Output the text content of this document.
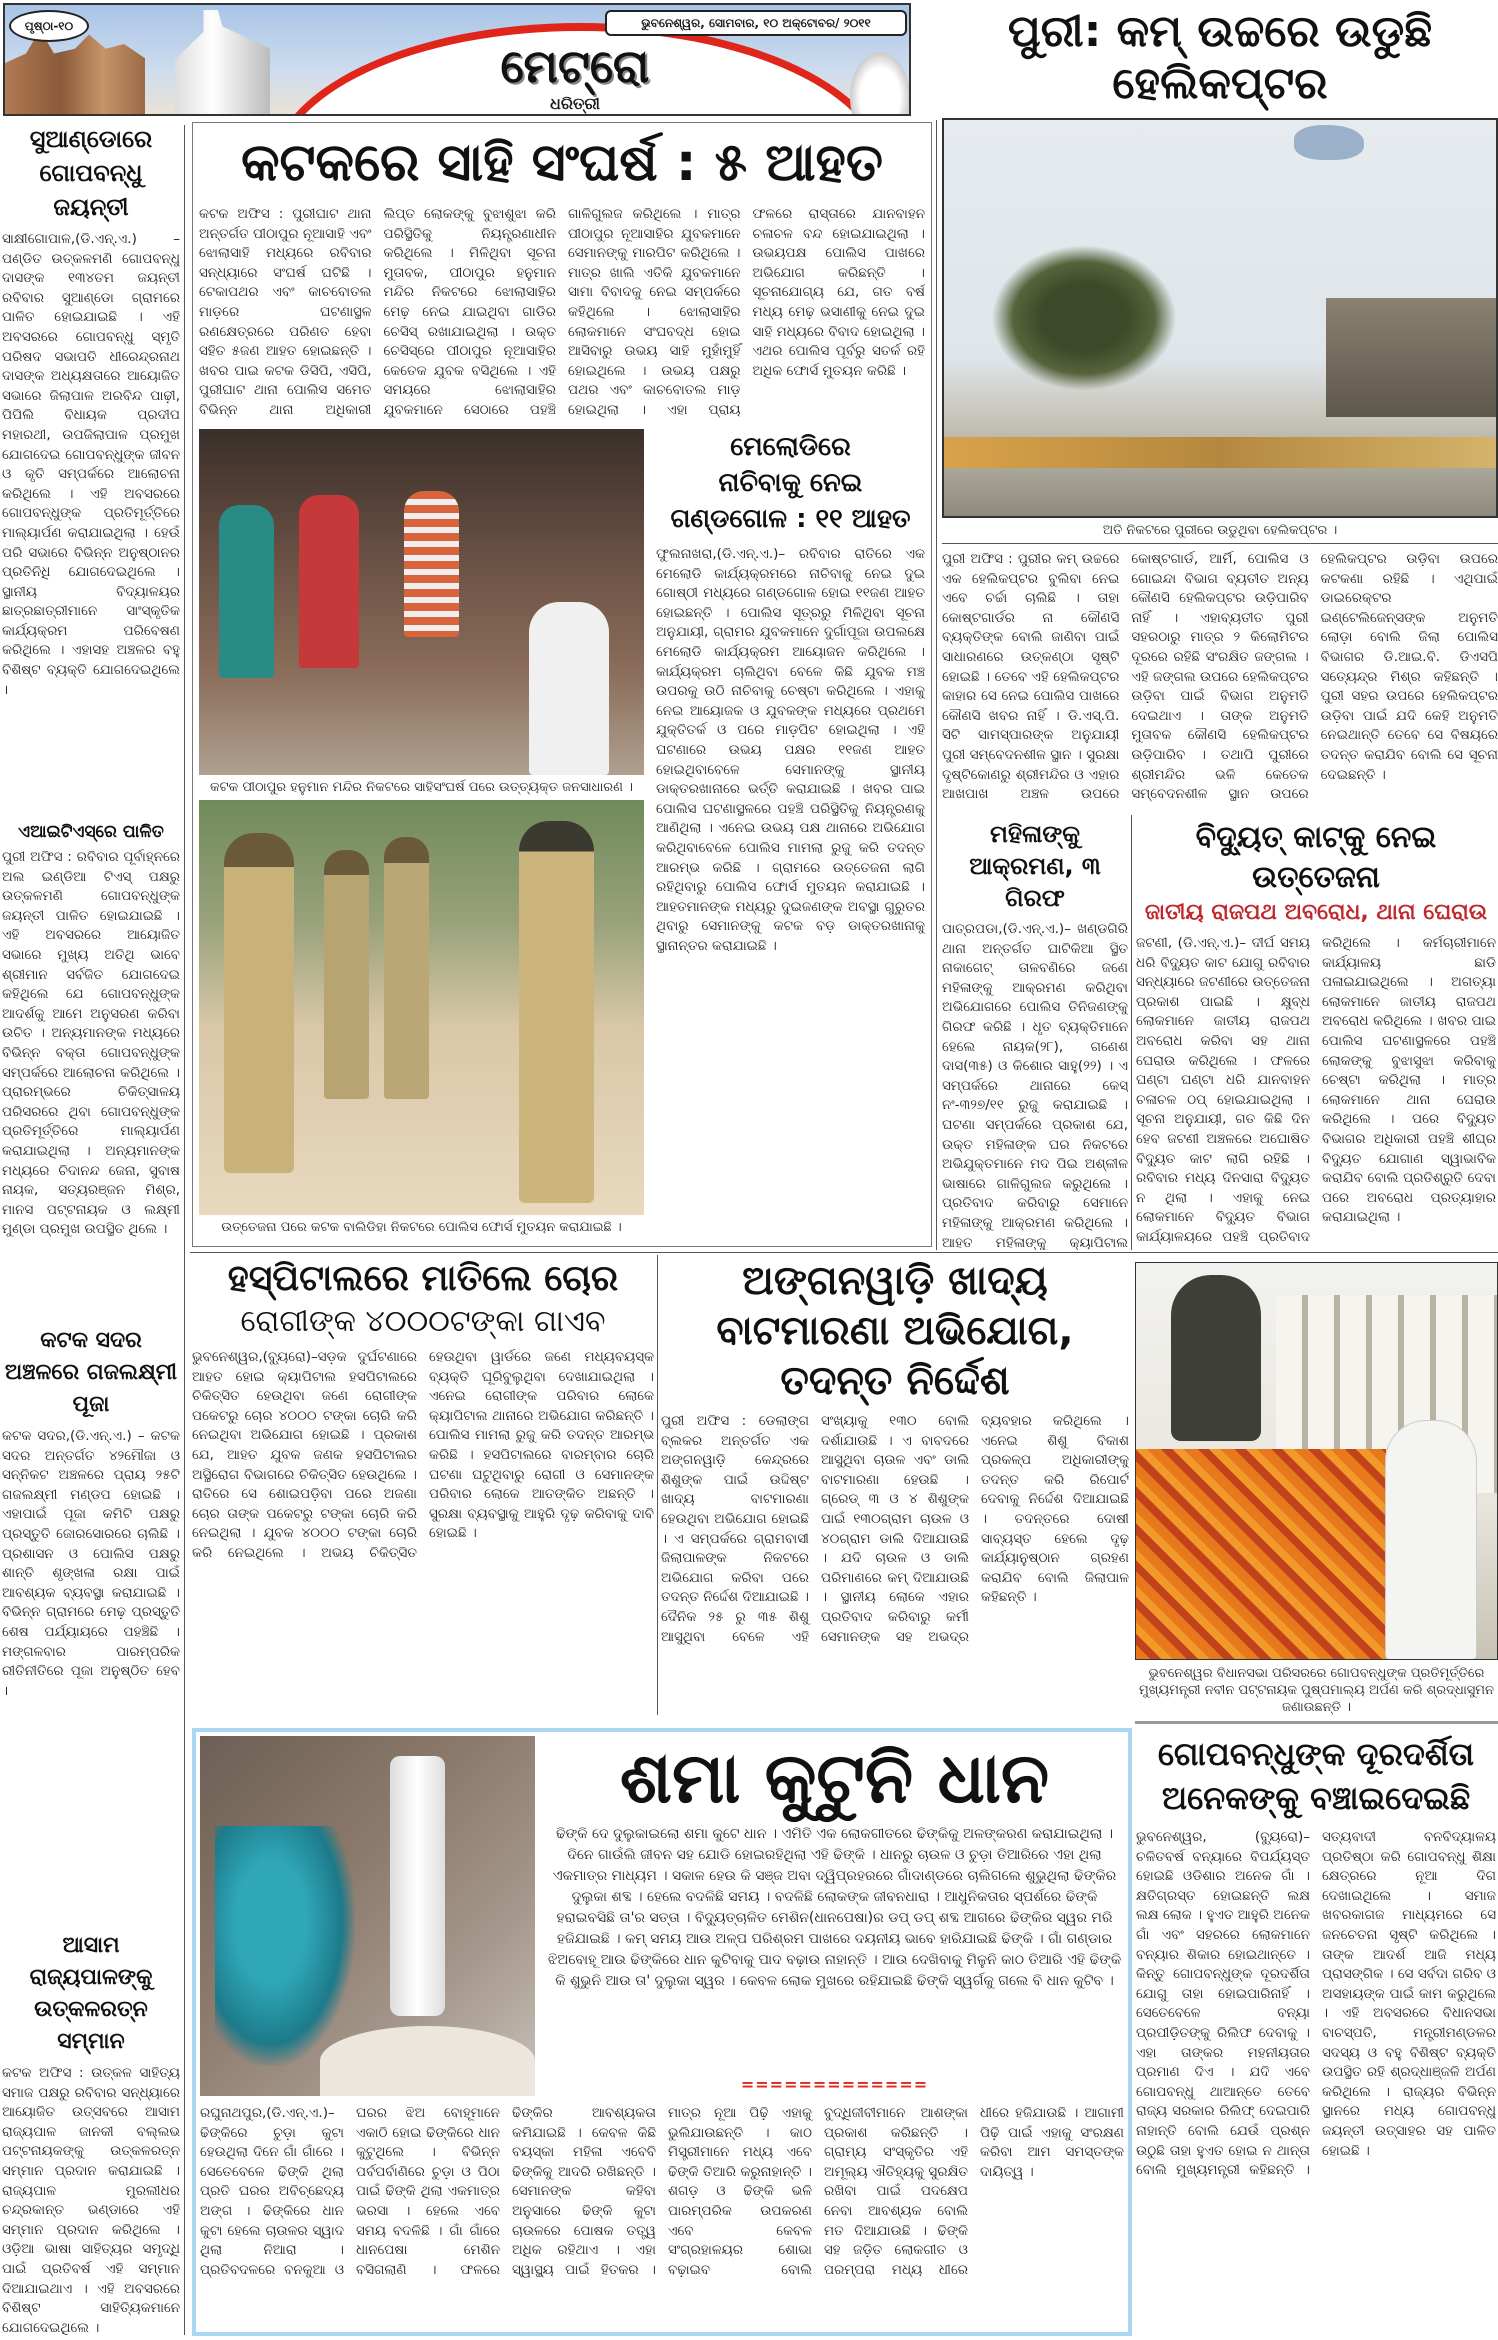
ପୃଷ୍ଠା-୧୦	ଭୁବନେଶ୍ୱର, ସୋମବାର, ୧୦ ଅକ୍ଟୋବର/ ୨୦୧୧
ମେଟ୍ରୋ
ଧରିତ୍ରୀ
ପୁରୀ: କମ୍ ଉଚ୍ଚରେ ଉଡୁଛି ହେଲିକପ୍ଟର
ଅତି ନିକଟରେ ପୁରୀରେ ଉଡୁଥିବା ହେଲିକପ୍ଟର ।
ପୁରୀ ଅଫିସ : ପୁରୀର କମ୍ ଉଚ୍ଚରେ ଏକ ହେଲିକପ୍ଟର ବୁଲିବା ନେଇ ଏବେ ଚର୍ଚ୍ଚା ଚାଲିଛି । ତାହା କୋଷ୍ଟଗାର୍ଡର ନା କୌଣସି ବ୍ୟକ୍ତିଙ୍କ ବୋଲି ଜାଣିବା ପାଇଁ ସାଧାରଣରେ ଉତ୍କଣ୍ଠା ସୃଷ୍ଟି ହୋଇଛି । ତେବେ ଏହି ହେଲିକପ୍ଟର କାହାର ସେ ନେଇ ପୋଲିସ ପାଖରେ କୌଣସି ଖବର ନାହିଁ । ଡି.ଏସ୍.ପି. ସିଟି ସାମସ୍ପାରଙ୍କ ଅନୁଯାୟୀ ପୁରୀ ସମ୍ବେଦନଶୀଳ ସ୍ଥାନ । ସୁରକ୍ଷା ଦୃଷ୍ଟିକୋଣରୁ ଶ୍ରୀମନ୍ଦିର ଓ ଏହାର ଆଖପାଖ ଅଞ୍ଚଳ ଉପରେ କୋଷ୍ଟଗାର୍ଡ, ଆର୍ମି, ପୋଲିସ ଓ ଗୋଇନ୍ଦା ବିଭାଗ ବ୍ୟତୀତ ଅନ୍ୟ କୌଣସି ହେଲିକପ୍ଟର ଉଡ଼ିପାରିବ ନାହିଁ । ଏହାବ୍ୟତୀତ ପୁରୀ ସହରଠାରୁ ମାତ୍ର ୨ କିଲୋମିଟର ଦୂରରେ ରହିଛି ସଂରକ୍ଷିତ ଜଙ୍ଗଲ । ଏହି ଜଙ୍ଗଲ ଉପରେ ହେଲିକପ୍ଟର ଉଡ଼ିବା ପାଇଁ ବିଭାଗ ଅନୁମତି ଦେଇଥାଏ । ତାଙ୍କ ଅନୁମତି ମୁତାବକ କୌଣସି ହେଲିକପ୍ଟର ଉଡ଼ିପାରିବ । ତଥାପି ପୁରୀରେ ଶ୍ରୀମନ୍ଦିର ଭଳି କେତେକ ସମ୍ବେଦନଶୀଳ ସ୍ଥାନ ଉପରେ ହେଲିକପ୍ଟର ଉଡ଼ିବା ଉପରେ କଟକଣା ରହିଛି । ଏଥିପାଇଁ ଡାଇରେକ୍ଟର ଇଣ୍ଟେଲିଜେନ୍ସଙ୍କ ଅନୁମତି ଲୋଡ଼ା ବୋଲି ଜିଲା ପୋଲିସ ବିଭାଗର ଡି.ଆଇ.ବି. ଡିଏସପି ସତ୍ୟେନ୍ଦ୍ର ମିଶ୍ର କହିଛନ୍ତି । ପୁରୀ ସହର ଉପରେ ହେଲିକପ୍ଟର ଉଡ଼ିବା ପାଇଁ ଯଦି କେହି ଅନୁମତି ନେଇଥାନ୍ତି ତେବେ ସେ ବିଷୟରେ ତଦନ୍ତ କରାଯିବ ବୋଲି ସେ ସୂଚନା ଦେଇଛନ୍ତି ।
ସୁଆଣ୍ଡୋରେ ଗୋପବନ୍ଧୁ ଜୟନ୍ତୀ
ସାକ୍ଷୀଗୋପାଳ,(ଡି.ଏନ୍.ଏ.) – ପଣ୍ଡିତ ଉତ୍କଳମଣି ଗୋପବନ୍ଧୁ ଦାସଙ୍କ ୧୩୪ତମ ଜୟନ୍ତୀ ରବିବାର ସୁଆଣ୍ଡୋ ଗ୍ରାମରେ ପାଳିତ ହୋଇଯାଇଛି । ଏହି ଅବସରରେ ଗୋପବନ୍ଧୁ ସ୍ମୃତି ପରିଷଦ ସଭାପତି ଧୀରେନ୍ଦ୍ରନାଥ ଦାସଙ୍କ ଅଧ୍ୟକ୍ଷତାରେ ଆୟୋଜିତ ସଭାରେ ଜିଲାପାଳ ଅରବିନ୍ଦ ପାଢ଼ୀ, ପିପିଲି ବିଧାୟକ ପ୍ରଦୀପ ମହାରଥୀ, ଉପଜିଲାପାଳ ପ୍ରମୁଖ ଯୋଗଦେଇ ଗୋପବନ୍ଧୁଙ୍କ ଜୀବନ ଓ କୃତି ସମ୍ପର୍କରେ ଆଲୋଚନା କରିଥିଲେ । ଏହି ଅବସରରେ ଗୋପବନ୍ଧୁଙ୍କ ପ୍ରତିମୂର୍ତ୍ତିରେ ମାଲ୍ୟାର୍ପଣ କରାଯାଇଥିଲା । ହେଉଁ ପରି ସଭାରେ ବିଭିନ୍ନ ଅନୁଷ୍ଠାନର ପ୍ରତିନିଧି ଯୋଗଦେଇଥିଲେ । ସ୍ଥାନୀୟ ବିଦ୍ୟାଳୟର ଛାତ୍ରଛାତ୍ରୀମାନେ ସାଂସ୍କୃତିକ କାର୍ଯ୍ୟକ୍ରମ ପରିବେଷଣ କରିଥିଲେ । ଏହାସହ ଅଞ୍ଚଳର ବହୁ ବିଶିଷ୍ଟ ବ୍ୟକ୍ତି ଯୋଗଦେଇଥିଲେ ।
ଏଆଇଟିଏସ୍‌ରେ ପାଳିତ
ପୁରୀ ଅଫିସ : ରବିବାର ପୂର୍ବାହ୍ନରେ ଅଲ ଇଣ୍ଡିଆ ଟିଏସ୍ ପକ୍ଷରୁ ଉତ୍କଳମଣି ଗୋପବନ୍ଧୁଙ୍କ ଜୟନ୍ତୀ ପାଳିତ ହୋଇଯାଇଛି । ଏହି ଅବସରରେ ଆୟୋଜିତ ସଭାରେ ମୁଖ୍ୟ ଅତିଥି ଭାବେ ଶ୍ରୀମାନ ସର୍ବଜିତ ଯୋଗଦେଇ କହିଥିଲେ ଯେ ଗୋପବନ୍ଧୁଙ୍କ ଆଦର୍ଶକୁ ଆମେ ଅନୁସରଣ କରିବା ଉଚିତ । ଅନ୍ୟମାନଙ୍କ ମଧ୍ୟରେ ବିଭିନ୍ନ ବକ୍ତା ଗୋପବନ୍ଧୁଙ୍କ ସମ୍ପର୍କରେ ଆଲୋଚନା କରିଥିଲେ । ପ୍ରାରମ୍ଭରେ ଚିକିତ୍ସାଳୟ ପରିସରରେ ଥିବା ଗୋପବନ୍ଧୁଙ୍କ ପ୍ରତିମୂର୍ତ୍ତିରେ ମାଲ୍ୟାର୍ପଣ କରାଯାଇଥିଲା । ଅନ୍ୟମାନଙ୍କ ମଧ୍ୟରେ ଚିଦାନନ୍ଦ ଜେନା, ସୁବାଷ ନାୟକ, ସତ୍ୟରଞ୍ଜନ ମିଶ୍ର, ମାନସ ପଟ୍ଟନାୟକ ଓ ଲକ୍ଷ୍ମୀ ମୁଣ୍ଡା ପ୍ରମୁଖ ଉପସ୍ଥିତ ଥିଲେ ।
କଟକ ସଦର ଅଞ୍ଚଳରେ ଗଜଲକ୍ଷ୍ମୀ ପୂଜା
କଟକ ସଦର,(ଡି.ଏନ୍.ଏ.) – କଟକ ସଦର ଅନ୍ତର୍ଗତ ୪୨ମୌଜା ଓ ସନ୍ନିକଟ ଅଞ୍ଚଳରେ ପ୍ରାୟ ୨୫ଟି ଗଜଲକ୍ଷ୍ମୀ ମଣ୍ଡପ ହୋଇଛି । ଏହାପାଇଁ ପୂଜା କମିଟି ପକ୍ଷରୁ ପ୍ରସ୍ତୁତି ଜୋରସୋରରେ ଚାଲିଛି । ପ୍ରଶାସନ ଓ ପୋଲିସ ପକ୍ଷରୁ ଶାନ୍ତି ଶୃଙ୍ଖଳା ରକ୍ଷା ପାଇଁ ଆବଶ୍ୟକ ବ୍ୟବସ୍ଥା କରାଯାଇଛି । ବିଭିନ୍ନ ଗ୍ରାମରେ ମେଢ଼ ପ୍ରସ୍ତୁତି ଶେଷ ପର୍ଯ୍ୟାୟରେ ପହଞ୍ଚିଛି । ମଙ୍ଗଳବାର ପାରମ୍ପରିକ ରୀତିନୀତିରେ ପୂଜା ଅନୁଷ୍ଠିତ ହେବ ।
ଆସାମ ରାଜ୍ୟପାଳଙ୍କୁ ଉତ୍କଳରତ୍ନ ସମ୍ମାନ
କଟକ ଅଫିସ : ଉତ୍କଳ ସାହିତ୍ୟ ସମାଜ ପକ୍ଷରୁ ରବିବାର ସନ୍ଧ୍ୟାରେ ଆୟୋଜିତ ଉତ୍ସବରେ ଆସାମ ରାଜ୍ୟପାଳ ଜାନକୀ ବଲ୍ଲଭ ପଟ୍ଟନାୟକଙ୍କୁ ଉତ୍କଳରତ୍ନ ସମ୍ମାନ ପ୍ରଦାନ କରାଯାଇଛି । ରାଜ୍ୟପାଳ ମୁରଲୀଧର ଚନ୍ଦ୍ରକାନ୍ତ ଭଣ୍ଡାରେ ଏହି ସମ୍ମାନ ପ୍ରଦାନ କରିଥିଲେ । ଓଡ଼ିଆ ଭାଷା ସାହିତ୍ୟର ସମୃଦ୍ଧି ପାଇଁ ପ୍ରତିବର୍ଷ ଏହି ସମ୍ମାନ ଦିଆଯାଇଥାଏ । ଏହି ଅବସରରେ ବିଶିଷ୍ଟ ସାହିତ୍ୟିକମାନେ ଯୋଗଦେଇଥିଲେ ।
କଟକରେ ସାହି ସଂଘର୍ଷ : ୫ ଆହତ
କଟକ ଅଫିସ : ପୁରୀଘାଟ ଥାନା ଅନ୍ତର୍ଗତ ପୀଠାପୁର ନୂଆସାହି ଏବଂ ଝୋଲାସାହି ମଧ୍ୟରେ ରବିବାର ସନ୍ଧ୍ୟାରେ ସଂଘର୍ଷ ଘଟିଛି । ଟେକାପଥର ଏବଂ କାଚବୋତଲ ମାଡ଼ରେ ଘଟଣାସ୍ଥଳ ରଣକ୍ଷେତ୍ରରେ ପରିଣତ ହେବା ସହିତ ୫ଜଣ ଆହତ ହୋଇଛନ୍ତି । ଖବର ପାଇ କଟକ ଡିସିପି, ଏସିପି, ପୁରୀଘାଟ ଥାନା ପୋଲିସ ସମେତ ବିଭିନ୍ନ ଥାନା ଅଧିକାରୀ ଲିପ୍ତ ଲୋକଙ୍କୁ ବୁଝାଶୁଝା କରି ପରିସ୍ଥିତିକୁ ନିୟନ୍ତ୍ରଣାଧୀନ କରିଥିଲେ । ମିଳିଥିବା ସୂଚନା ମୁତାବକ, ପୀଠାପୁର ହନୁମାନ ମନ୍ଦିର ନିକଟରେ ଝୋଲାସାହିର ମେଢ଼ ନେଇ ଯାଇଥିବା ଗାଡିର ଚେସିସ୍ ରଖାଯାଇଥିଲା । ଉକ୍ତ ଚେସିସ୍‌ରେ ପୀଠାପୁର ନୂଆସାହିର କେତେକ ଯୁବକ ବସିଥିଲେ । ଏହି ସମୟରେ ଝୋଲାସାହିର ଯୁବକମାନେ ସେଠାରେ ପହଞ୍ଚି ଗାଳିଗୁଲଜ କରିଥିଲେ । ମାତ୍ର ପୀଠାପୁର ନୂଆସାହିର ଯୁବକମାନେ ସେମାନଙ୍କୁ ମାରପିଟ କରିଥିଲେ । ମାତ୍ର ଖାଲି ଏତିକି ଯୁବକମାନେ ସାମା ବିବାଦକୁ ନେଇ ସମ୍ପର୍କରେ କହିଥିଲେ । ଝୋଲାସାହିର ଲୋକମାନେ ସଂଘବଦ୍ଧ ହୋଇ ଆସିବାରୁ ଉଭୟ ସାହି ମୁହାଁମୁହିଁ ହୋଇଥିଲେ । ଉଭୟ ପକ୍ଷରୁ ପଥର ଏବଂ କାଚବୋତଲ ମାଡ଼ ହୋଇଥିଲା । ଏହା ପ୍ରାୟ ଫଳରେ ରାସ୍ତାରେ ଯାନବାହନ ଚଳାଚଳ ବନ୍ଦ ହୋଇଯାଇଥିଲା । ଉଭୟପକ୍ଷ ପୋଲିସ ପାଖରେ ଅଭିଯୋଗ କରିଛନ୍ତି । ସୂଚନାଯୋଗ୍ୟ ଯେ, ଗତ ବର୍ଷ ମଧ୍ୟ ମେଢ଼ ଭସାଣୀକୁ ନେଇ ଦୁଇ ସାହି ମଧ୍ୟରେ ବିବାଦ ହୋଇଥିଲା । ଏଥର ପୋଲିସ ପୂର୍ବରୁ ସତର୍କ ରହି ଅଧିକ ଫୋର୍ସ ମୁତୟନ କରିଛି ।
କଟକ ପୀଠାପୁର ହନୁମାନ ମନ୍ଦିର ନିକଟରେ ସାହିସଂଘର୍ଷ ପରେ ଉତ୍ତ୍ୟକ୍ତ ଜନସାଧାରଣ ।
ଉତ୍ତେଜନା ପରେ କଟକ ବାଲିଡିହା ନିକଟରେ ପୋଲିସ ଫୋର୍ସ ମୁତୟନ କରାଯାଇଛି ।
ମେଲୋଡିରେ
ନାଚିବାକୁ ନେଇ
ଗଣ୍ଡଗୋଳ : ୧୧ ଆହତ
ଫୁଲନାଖରା,(ଡି.ଏନ୍.ଏ.)– ରବିବାର ରାତିରେ ଏକ ମେଲୋଡି କାର୍ଯ୍ୟକ୍ରମରେ ନାଚିବାକୁ ନେଇ ଦୁଇ ଗୋଷ୍ଠୀ ମଧ୍ୟରେ ଗଣ୍ଡଗୋଳ ହୋଇ ୧୧ଜଣ ଆହତ ହୋଇଛନ୍ତି । ପୋଲିସ ସୂତ୍ରରୁ ମିଳିଥିବା ସୂଚନା ଅନୁଯାୟୀ, ଗ୍ରାମର ଯୁବକମାନେ ଦୁର୍ଗାପୂଜା ଉପଲକ୍ଷେ ମେଲୋଡି କାର୍ଯ୍ୟକ୍ରମ ଆୟୋଜନ କରିଥିଲେ । କାର୍ଯ୍ୟକ୍ରମ ଚାଲିଥିବା ବେଳେ କିଛି ଯୁବକ ମଞ୍ଚ ଉପରକୁ ଉଠି ନାଚିବାକୁ ଚେଷ୍ଟା କରିଥିଲେ । ଏହାକୁ ନେଇ ଆୟୋଜକ ଓ ଯୁବକଙ୍କ ମଧ୍ୟରେ ପ୍ରଥମେ ଯୁକ୍ତିତର୍କ ଓ ପରେ ମାଡ଼ପିଟ ହୋଇଥିଲା । ଏହି ଘଟଣାରେ ଉଭୟ ପକ୍ଷର ୧୧ଜଣ ଆହତ ହୋଇଥିବାବେଳେ ସେମାନଙ୍କୁ ସ୍ଥାନୀୟ ଡାକ୍ତରଖାନାରେ ଭର୍ତ୍ତି କରାଯାଇଛି । ଖବର ପାଇ ପୋଲିସ ଘଟଣାସ୍ଥଳରେ ପହଞ୍ଚି ପରିସ୍ଥିତିକୁ ନିୟନ୍ତ୍ରଣକୁ ଆଣିଥିଲା । ଏନେଇ ଉଭୟ ପକ୍ଷ ଥାନାରେ ଅଭିଯୋଗ କରିଥିବାବେଳେ ପୋଲିସ ମାମଲା ରୁଜୁ କରି ତଦନ୍ତ ଆରମ୍ଭ କରିଛି । ଗ୍ରାମରେ ଉତ୍ତେଜନା ଲାଗି ରହିଥିବାରୁ ପୋଲିସ ଫୋର୍ସ ମୁତୟନ କରାଯାଇଛି । ଆହତମାନଙ୍କ ମଧ୍ୟରୁ ଦୁଇଜଣଙ୍କ ଅବସ୍ଥା ଗୁରୁତର ଥିବାରୁ ସେମାନଙ୍କୁ କଟକ ବଡ଼ ଡାକ୍ତରଖାନାକୁ ସ୍ଥାନାନ୍ତର କରାଯାଇଛି ।
ମହିଳାଙ୍କୁ ଆକ୍ରମଣ, ୩ ଗିରଫ
ପାତ୍ରପଡା,(ଡି.ଏନ୍.ଏ.)– ଖଣ୍ଡଗିରି ଥାନା ଅନ୍ତର୍ଗତ ଘାଟିକିଆ ସ୍ଥିତ ନାକାଗେଟ୍ ତାଳବଣିରେ ଜଣେ ମହିଳାଙ୍କୁ ଆକ୍ରମଣ କରିଥିବା ଅଭିଯୋଗରେ ପୋଲିସ ତିନିଜଣଙ୍କୁ ଗିରଫ କରିଛି । ଧୃତ ବ୍ୟକ୍ତିମାନେ ହେଲେ ନାୟକ(୨୮), ଗଣେଶ ଦାସ(୩୫) ଓ କିଶୋର ସାହୁ(୨୨) । ଏ ସମ୍ପର୍କରେ ଥାନାରେ କେସ୍ ନଂ-୩୨୭/୧୧ ରୁଜୁ କରାଯାଇଛି । ଘଟଣା ସମ୍ପର୍କରେ ପ୍ରକାଶ ଯେ, ଉକ୍ତ ମହିଳାଙ୍କ ଘର ନିକଟରେ ଅଭିଯୁକ୍ତମାନେ ମଦ ପିଇ ଅଶ୍ଳୀଳ ଭାଷାରେ ଗାଳିଗୁଲଜ କରୁଥିଲେ । ପ୍ରତିବାଦ କରିବାରୁ ସେମାନେ ମହିଳାଙ୍କୁ ଆକ୍ରମଣ କରିଥିଲେ । ଆହତ ମହିଳାଙ୍କୁ କ୍ୟାପିଟାଲ
ବିଦ୍ୟୁତ୍ କାଟ୍‌କୁ ନେଇ ଉତ୍ତେଜନା
ଜାତୀୟ ରାଜପଥ ଅବରୋଧ, ଥାନା ଘେରାଉ
ଜଟଣୀ, (ଡି.ଏନ୍.ଏ.)– ଦୀର୍ଘ ସମୟ ଧରି ବିଦ୍ୟୁତ କାଟ ଯୋଗୁ ରବିବାର ସନ୍ଧ୍ୟାରେ ଜଟଣୀରେ ଉତ୍ତେଜନା ପ୍ରକାଶ ପାଇଛି । କ୍ଷୁବ୍ଧ ଲୋକମାନେ ଜାତୀୟ ରାଜପଥ ଅବରୋଧ କରିବା ସହ ଥାନା ଘେରାଉ କରିଥିଲେ । ଫଳରେ ଘଣ୍ଟା ଘଣ୍ଟା ଧରି ଯାନବାହନ ଚଳାଚଳ ଠପ୍ ହୋଇଯାଇଥିଲା । ସୂଚନା ଅନୁଯାୟୀ, ଗତ କିଛି ଦିନ ହେବ ଜଟଣୀ ଅଞ୍ଚଳରେ ଅଘୋଷିତ ବିଦ୍ୟୁତ କାଟ ଲାଗି ରହିଛି । ରବିବାର ମଧ୍ୟ ଦିନସାରା ବିଦ୍ୟୁତ ନ ଥିଲା । ଏହାକୁ ନେଇ ଲୋକମାନେ ବିଦ୍ୟୁତ ବିଭାଗ କାର୍ଯ୍ୟାଳୟରେ ପହଞ୍ଚି ପ୍ରତିବାଦ କରିଥିଲେ । କର୍ମଚାରୀମାନେ କାର୍ଯ୍ୟାଳୟ ଛାଡି ପଳାଇଯାଇଥିଲେ । ଅଗତ୍ୟା ଲୋକମାନେ ଜାତୀୟ ରାଜପଥ ଅବରୋଧ କରିଥିଲେ । ଖବର ପାଇ ପୋଲିସ ଘଟଣାସ୍ଥଳରେ ପହଞ୍ଚି ଲୋକଙ୍କୁ ବୁଝାସୁଝା କରିବାକୁ ଚେଷ୍ଟା କରିଥିଲା । ମାତ୍ର ଲୋକମାନେ ଥାନା ଘେରାଉ କରିଥିଲେ । ପରେ ବିଦ୍ୟୁତ ବିଭାଗର ଅଧିକାରୀ ପହଞ୍ଚି ଶୀଘ୍ର ବିଦ୍ୟୁତ ଯୋଗାଣ ସ୍ୱାଭାବିକ କରାଯିବ ବୋଲି ପ୍ରତିଶ୍ରୁତି ଦେବା ପରେ ଅବରୋଧ ପ୍ରତ୍ୟାହାର କରାଯାଇଥିଲା ।
ହସ୍ପିଟାଲରେ ମାତିଲେ ଚୋର
ରୋଗୀଙ୍କ ୪୦୦୦ଟଙ୍କା ଗାଏବ
ଭୁବନେଶ୍ୱର,(ବ୍ୟୁରୋ)–ସଡ଼କ ଦୁର୍ଘଟଣାରେ ଆହତ ହୋଇ କ୍ୟାପିଟାଲ ହସପିଟାଲରେ ଚିକିତ୍ସିତ ହେଉଥିବା ଜଣେ ରୋଗୀଙ୍କ ପକେଟରୁ ଚୋର ୪୦୦୦ ଟଙ୍କା ଚୋରି କରି ନେଇଥିବା ଅଭିଯୋଗ ହୋଇଛି । ପ୍ରକାଶ ଯେ, ଆହତ ଯୁବକ ଜଣକ ହସପିଟାଲର ଅସ୍ଥିରୋଗ ବିଭାଗରେ ଚିକିତ୍ସିତ ହେଉଥିଲେ । ରାତିରେ ସେ ଶୋଇପଡ଼ିବା ପରେ ଅଜଣା ଚୋର ତାଙ୍କ ପକେଟରୁ ଟଙ୍କା ଚୋରି କରି ନେଇଥିଲା । ଯୁବକ ୪୦୦୦ ଟଙ୍କା ଚୋରି କରି ନେଇଥିଲେ । ଅଭୟ ଚିକିତ୍ସିତ ହେଉଥିବା ୱାର୍ଡରେ ଜଣେ ମଧ୍ୟବୟସ୍କ ବ୍ୟକ୍ତି ଘୂରିବୁଲୁଥିବା ଦେଖାଯାଇଥିଲା । ଏନେଇ ରୋଗୀଙ୍କ ପରିବାର ଲୋକେ କ୍ୟାପିଟାଲ ଥାନାରେ ଅଭିଯୋଗ କରିଛନ୍ତି । ପୋଲିସ ମାମଲା ରୁଜୁ କରି ତଦନ୍ତ ଆରମ୍ଭ କରିଛି । ହସପିଟାଲରେ ବାରମ୍ବାର ଚୋରି ଘଟଣା ଘଟୁଥିବାରୁ ରୋଗୀ ଓ ସେମାନଙ୍କ ପରିବାର ଲୋକେ ଆତଙ୍କିତ ଅଛନ୍ତି । ସୁରକ୍ଷା ବ୍ୟବସ୍ଥାକୁ ଆହୁରି ଦୃଢ଼ କରିବାକୁ ଦାବି ହୋଇଛି ।
ଅଙ୍ଗନୱାଡ଼ି ଖାଦ୍ୟ ବାଟମାରଣା ଅଭିଯୋଗ, ତଦନ୍ତ ନିର୍ଦ୍ଦେଶ
ପୁରୀ ଅଫିସ : ଡେଲାଙ୍ଗ ବ୍ଲକର ଅନ୍ତର୍ଗତ ଏକ ଅଙ୍ଗନୱାଡ଼ି କେନ୍ଦ୍ରରେ ଶିଶୁଙ୍କ ପାଇଁ ଉଦ୍ଦିଷ୍ଟ ଖାଦ୍ୟ ବାଟମାରଣା ହେଉଥିବା ଅଭିଯୋଗ ହୋଇଛି । ଏ ସମ୍ପର୍କରେ ଗ୍ରାମବାସୀ ଜିଲାପାଳଙ୍କ ନିକଟରେ ଅଭିଯୋଗ କରିବା ପରେ ତଦନ୍ତ ନିର୍ଦ୍ଦେଶ ଦିଆଯାଇଛି । ଦୈନିକ ୨୫ ରୁ ୩୫ ଶିଶୁ ଆସୁଥିବା ବେଳେ ଏହି ସଂଖ୍ୟାକୁ ୧୩୦ ବୋଲି ଦର୍ଶାଯାଉଛି । ଏ ବାବଦରେ ଆସୁଥିବା ଚାଉଳ ଏବଂ ଡାଲି ବାଟମାରଣା ହେଉଛି । ଗ୍ରେଡ୍ ୩ ଓ ୪ ଶିଶୁଙ୍କ ପାଇଁ ୧୩୦ଗ୍ରାମ ଚାଉଳ ଓ ୪୦ଗ୍ରାମ ଡାଲି ଦିଆଯାଉଛି । ଯଦି ଚାଉଳ ଓ ଡାଲି ପରିମାଣରେ କମ୍ ଦିଆଯାଉଛି । ସ୍ଥାନୀୟ ଲୋକେ ଏହାର ପ୍ରତିବାଦ କରିବାରୁ କର୍ମୀ ସେମାନଙ୍କ ସହ ଅଭଦ୍ର ବ୍ୟବହାର କରିଥିଲେ । ଏନେଇ ଶିଶୁ ବିକାଶ ପ୍ରକଳ୍ପ ଅଧିକାରୀଙ୍କୁ ତଦନ୍ତ କରି ରିପୋର୍ଟ ଦେବାକୁ ନିର୍ଦ୍ଦେଶ ଦିଆଯାଇଛି । ତଦନ୍ତରେ ଦୋଷୀ ସାବ୍ୟସ୍ତ ହେଲେ ଦୃଢ଼ କାର୍ଯ୍ୟାନୁଷ୍ଠାନ ଗ୍ରହଣ କରାଯିବ ବୋଲି ଜିଲାପାଳ କହିଛନ୍ତି ।
ଭୁବନେଶ୍ୱର ବିଧାନସଭା ପରିସରରେ ଗୋପବନ୍ଧୁଙ୍କ ପ୍ରତିମୂର୍ତ୍ତିରେ ମୁଖ୍ୟମନ୍ତ୍ରୀ ନବୀନ ପଟ୍ଟନାୟକ ପୁଷ୍ପମାଲ୍ୟ ଅର୍ପଣ କରି ଶ୍ରଦ୍ଧାସୁମନ ଜଣାଉଛନ୍ତି ।
ଶମା କୁଟୁନି ଧାନ
ଢିଙ୍କି ଦେ ଦୁଲୁକାଇଲୋ ଶମା କୁଟେ ଧାନ । ଏମିତି ଏକ ଲୋକଗୀତରେ ଢିଙ୍କିକୁ ଅଳଙ୍କରଣ କରାଯାଇଥିଲା । ଦିନେ ଗାଉଁଲି ଜୀବନ ସହ ଯୋଡି ହୋଇରହିଥିଲା ଏହି ଢିଙ୍କି । ଧାନରୁ ଚାଉଳ ଓ ଚୁଡ଼ା ତିଆରିରେ ଏହା ଥିଲା ଏକମାତ୍ର ମାଧ୍ୟମ । ସକାଳ ହେଉ କି ସଞ୍ଜ ଅବା ଦ୍ୱିପ୍ରହରରେ ଗାଁଦାଣ୍ଡରେ ଚାଲିଗଲେ ଶୁଭୁଥିଲା ଢିଙ୍କିର ଦୁଲୁକା ଶବ୍ଦ । ହେଲେ ବଦଳିଛି ସମୟ । ବଦଳିଛି ଲୋକଙ୍କ ଜୀବନଧାରା । ଆଧୁନିକତାର ସ୍ପର୍ଶରେ ଢିଙ୍କି ହରାଇବସିଛି ତା'ର ସତ୍ତା । ବିଦ୍ୟୁତ୍‌ଚାଳିତ ମେଶିନ(ଧାନପେଷା)ର ଡପ୍ ଡପ୍ ଶବ୍ଦ ଆଗରେ ଢିଙ୍କିର ସ୍ୱର ମରି ହଜିଯାଇଛି । କମ୍ ସମୟ ଆଉ ଅଳ୍ପ ପରିଶ୍ରମ ପାଖରେ ଦୟନୀୟ ଭାବେ ହାରିଯାଇଛି ଢିଙ୍କି । ଗାଁ ଗଣ୍ଡାର ଝିଅବୋହୂ ଆଉ ଢିଙ୍କିରେ ଧାନ କୁଟିବାକୁ ପାଦ ବଢ଼ାଉ ନାହାନ୍ତି । ଆଉ ଦେଖିବାକୁ ମିଳୁନି କାଠ ତିଆରି ଏହି ଢିଙ୍କି କି ଶୁଭୁନି ଆଉ ତା' ଦୁଲୁକା ସ୍ୱର । କେବଳ ଲୋକ ମୁଖରେ ରହିଯାଇଛି ଢିଙ୍କି ସ୍ୱର୍ଗକୁ ଗଲେ ବି ଧାନ କୁଟିବ ।
=============
ରଘୁନାଥପୁର,(ଡି.ଏନ୍.ଏ.)– ଢିଙ୍କିରେ ଚୁଡ଼ା କୁଟା ହେଉଥିଲା ଦିନେ ଗାଁ ଗାଁରେ । ସେତେବେଳେ ଢିଙ୍କି ଥିଲା ପ୍ରତି ଘରର ଅବିଚ୍ଛେଦ୍ୟ ଅଙ୍ଗ । ଢିଙ୍କିରେ ଧାନ କୁଟା ହେଲେ ଚାଉଳର ସ୍ୱାଦ ଥିଲା ନିଆରା । ପ୍ରତିବଦଳରେ ବନକୁଆ ଓ ଘରର ଝିଅ ବୋହୂମାନେ ଏକାଠି ହୋଇ ଢିଙ୍କିରେ ଧାନ କୁଟୁଥିଲେ । ବିଭିନ୍ନ ପର୍ବପର୍ବାଣିରେ ଚୁଡ଼ା ଓ ପିଠା ପାଇଁ ଢିଙ୍କି ଥିଲା ଏକମାତ୍ର ଭରସା । ହେଲେ ଏବେ ସମୟ ବଦଳିଛି । ଗାଁ ଗାଁରେ ଧାନପେଷା ମେଶିନ ବସିଗଲାଣି । ଫଳରେ ଢିଙ୍କିର ଆବଶ୍ୟକତା କମିଯାଇଛି । କେବଳ କିଛି ବୟସ୍କା ମହିଳା ଏବେବି ଢିଙ୍କିକୁ ଆଦରି ରଖିଛନ୍ତି । ସେମାନଙ୍କ କହିବା ଅନୁସାରେ ଢିଙ୍କି କୁଟା ଚାଉଳରେ ପୋଷକ ତତ୍ତ୍ୱ ଅଧିକ ରହିଥାଏ । ଏହା ସ୍ୱାସ୍ଥ୍ୟ ପାଇଁ ହିତକର । ମାତ୍ର ନୂଆ ପିଢ଼ି ଏହାକୁ ଭୁଲିଯାଉଛନ୍ତି । କାଠ ମିସ୍ତ୍ରୀମାନେ ମଧ୍ୟ ଏବେ ଢିଙ୍କି ତିଆରି କରୁନାହାନ୍ତି । ଶଗଡ଼ ଓ ଢିଙ୍କି ଭଳି ପାରମ୍ପରିକ ଉପକରଣ ଏବେ କେବଳ ସଂଗ୍ରହାଳୟର ଶୋଭା ବଢ଼ାଇବ ବୋଲି ବୁଦ୍ଧିଜୀବୀମାନେ ଆଶଙ୍କା ପ୍ରକାଶ କରିଛନ୍ତି । ଗ୍ରାମ୍ୟ ସଂସ୍କୃତିର ଏହି ଅମୂଲ୍ୟ ଐତିହ୍ୟକୁ ସୁରକ୍ଷିତ ରଖିବା ପାଇଁ ପଦକ୍ଷେପ ନେବା ଆବଶ୍ୟକ ବୋଲି ମତ ଦିଆଯାଉଛି । ଢିଙ୍କି ସହ ଜଡ଼ିତ ଲୋକଗୀତ ଓ ପରମ୍ପରା ମଧ୍ୟ ଧୀରେ ଧୀରେ ହଜିଯାଉଛି । ଆଗାମୀ ପିଢ଼ି ପାଇଁ ଏହାକୁ ସଂରକ୍ଷଣ କରିବା ଆମ ସମସ୍ତଙ୍କ ଦାୟିତ୍ୱ ।
ଗୋପବନ୍ଧୁଙ୍କ ଦୂରଦର୍ଶିତା ଅନେକଙ୍କୁ ବଞ୍ଚାଇଦେଇଛି
ଭୁବନେଶ୍ୱର, (ବ୍ୟୁରୋ)– ଚଳିତବର୍ଷ ବନ୍ୟାରେ ବିପର୍ଯ୍ୟସ୍ତ ହୋଇଛି ଓଡିଶାର ଅନେକ ଗାଁ । କ୍ଷତିଗ୍ରସ୍ତ ହୋଇଛନ୍ତି ଲକ୍ଷ ଲକ୍ଷ ଲୋକ । ହୁଏତ ଆହୁରି ଅନେକ ଗାଁ ଏବଂ ସହରରେ ଲୋକମାନେ ବନ୍ୟାର ଶିକାର ହୋଇଥାନ୍ତେ । କିନ୍ତୁ ଗୋପବନ୍ଧୁଙ୍କ ଦୂରଦର୍ଶିତା ଯୋଗୁ ତାହା ହୋଇପାରିନାହିଁ । ସେତେବେଳେ ବନ୍ୟା ପ୍ରପୀଡ଼ିତଙ୍କୁ ରିଲିଫ ଦେବାକୁ । ଏହା ତାଙ୍କର ମହନୀୟତାର ପ୍ରମାଣ ଦିଏ । ଯଦି ଏବେ ଗୋପବନ୍ଧୁ ଥାଆନ୍ତେ ତେବେ ରାଜ୍ୟ ସରକାର ରିଲିଫ୍ ଦେଇପାରି ନାହାନ୍ତି ବୋଲି ଯେଉଁ ପ୍ରଶ୍ନ ଉଠୁଛି ତାହା ହୁଏତ ହୋଇ ନ ଥାନ୍ତା ବୋଲି ମୁଖ୍ୟମନ୍ତ୍ରୀ କହିଛନ୍ତି । ସତ୍ୟବାଦୀ ବନବିଦ୍ୟାଳୟ ପ୍ରତିଷ୍ଠା କରି ଗୋପବନ୍ଧୁ ଶିକ୍ଷା କ୍ଷେତ୍ରରେ ନୂଆ ଦିଗ ଦେଖାଇଥିଲେ । ସମାଜ ଖବରକାଗଜ ମାଧ୍ୟମରେ ସେ ଜନଚେତନା ସୃଷ୍ଟି କରିଥିଲେ । ତାଙ୍କ ଆଦର୍ଶ ଆଜି ମଧ୍ୟ ପ୍ରାସଙ୍ଗିକ । ସେ ସର୍ବଦା ଗରିବ ଓ ଅସହାୟଙ୍କ ପାଇଁ କାମ କରୁଥିଲେ । ଏହି ଅବସରରେ ବିଧାନସଭା ବାଚସ୍ପତି, ମନ୍ତ୍ରୀମଣ୍ଡଳର ସଦସ୍ୟ ଓ ବହୁ ବିଶିଷ୍ଟ ବ୍ୟକ୍ତି ଉପସ୍ଥିତ ରହି ଶ୍ରଦ୍ଧାଞ୍ଜଳି ଅର୍ପଣ କରିଥିଲେ । ରାଜ୍ୟର ବିଭିନ୍ନ ସ୍ଥାନରେ ମଧ୍ୟ ଗୋପବନ୍ଧୁ ଜୟନ୍ତୀ ଉତ୍ସାହର ସହ ପାଳିତ ହୋଇଛି ।
